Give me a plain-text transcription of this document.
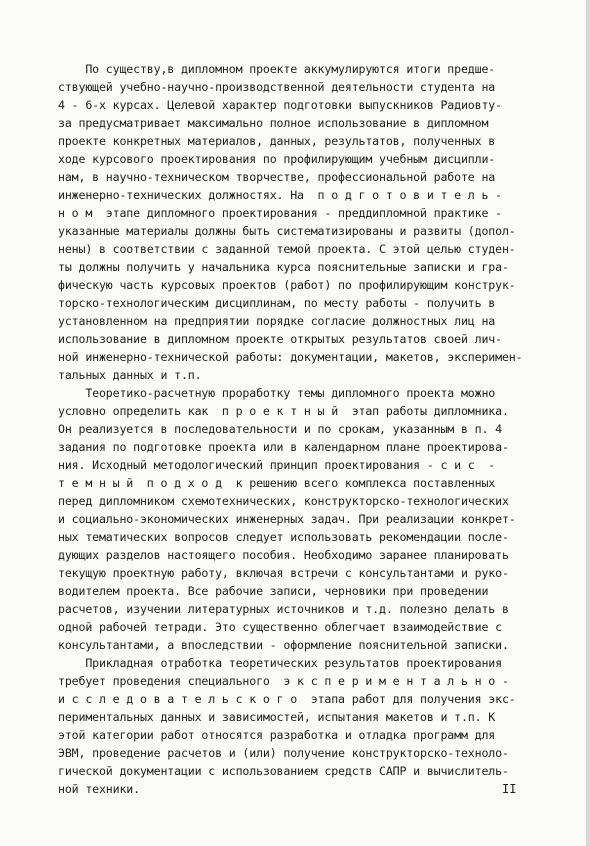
По существу,в дипломном проекте аккумулируются итоги предше-
ствующей учебно-научно-производственной деятельности студента на
4 - 6-х курсах. Целевой характер подготовки выпускников Радиовту-
за предусматривает максимально полное использование в дипломном
проекте конкретных материалов, данных, результатов, полученных в
ходе курсового проектирования по профилирующим учебным дисципли-
нам, в научно-техническом творчестве, профессиональной работе на
инженерно-технических должностях. На  п о д г о т о в и т е л ь -
н о м  этапе дипломного проектирования - преддипломной практике -
указанные материалы должны быть систематизированы и развиты (допол-
нены) в соответствии с заданной темой проекта. С этой целью студен-
ты должны получить у начальника курса пояснительные записки и гра-
фическую часть курсовых проектов (работ) по профилирующим конструк-
торско-технологическим дисциплинам, по месту работы - получить в
установленном на предприятии порядке согласие должностных лиц на
использование в дипломном проекте открытых результатов своей лич-
ной инженерно-технической работы: документации, макетов, эксперимен-
тальных данных и т.п.
Теоретико-расчетную проработку темы дипломного проекта можно
условно определить как  п р о е к т н ы й  этап работы дипломника.
Он реализуется в последовательности и по срокам, указанным в п. 4
задания по подготовке проекта или в календарном плане проектирова-
ния. Исходный методологический принцип проектирования - с и с  -
т е м н ы й  п о д х о д  к решению всего комплекса поставленных
перед дипломником схемотехнических, конструкторско-технологических
и социально-экономических инженерных задач. При реализации конкрет-
ных тематических вопросов следует использовать рекомендации после-
дующих разделов настоящего пособия. Необходимо заранее планировать
текущую проектную работу, включая встречи с консультантами и руко-
водителем проекта. Все рабочие записи, черновики при проведении
расчетов, изучении литературных источников и т.д. полезно делать в
одной рабочей тетради. Это существенно облегчает взаимодействие с
консультантами, а впоследствии - оформление пояснительной записки.
Прикладная отработка теоретических результатов проектирования
требует проведения специального  э к с п е р и м е н т а л ь н о -
и с с л е д о в а т е л ь с к о г о  этапа работ для получения экс-
периментальных данных и зависимостей, испытания макетов и т.п. К
этой категории работ относятся разработка и отладка программ для
ЭВМ, проведение расчетов и (или) получение конструкторско-техноло-
гической документации с использованием средств САПР и вычислитель-
ной техники.	II
